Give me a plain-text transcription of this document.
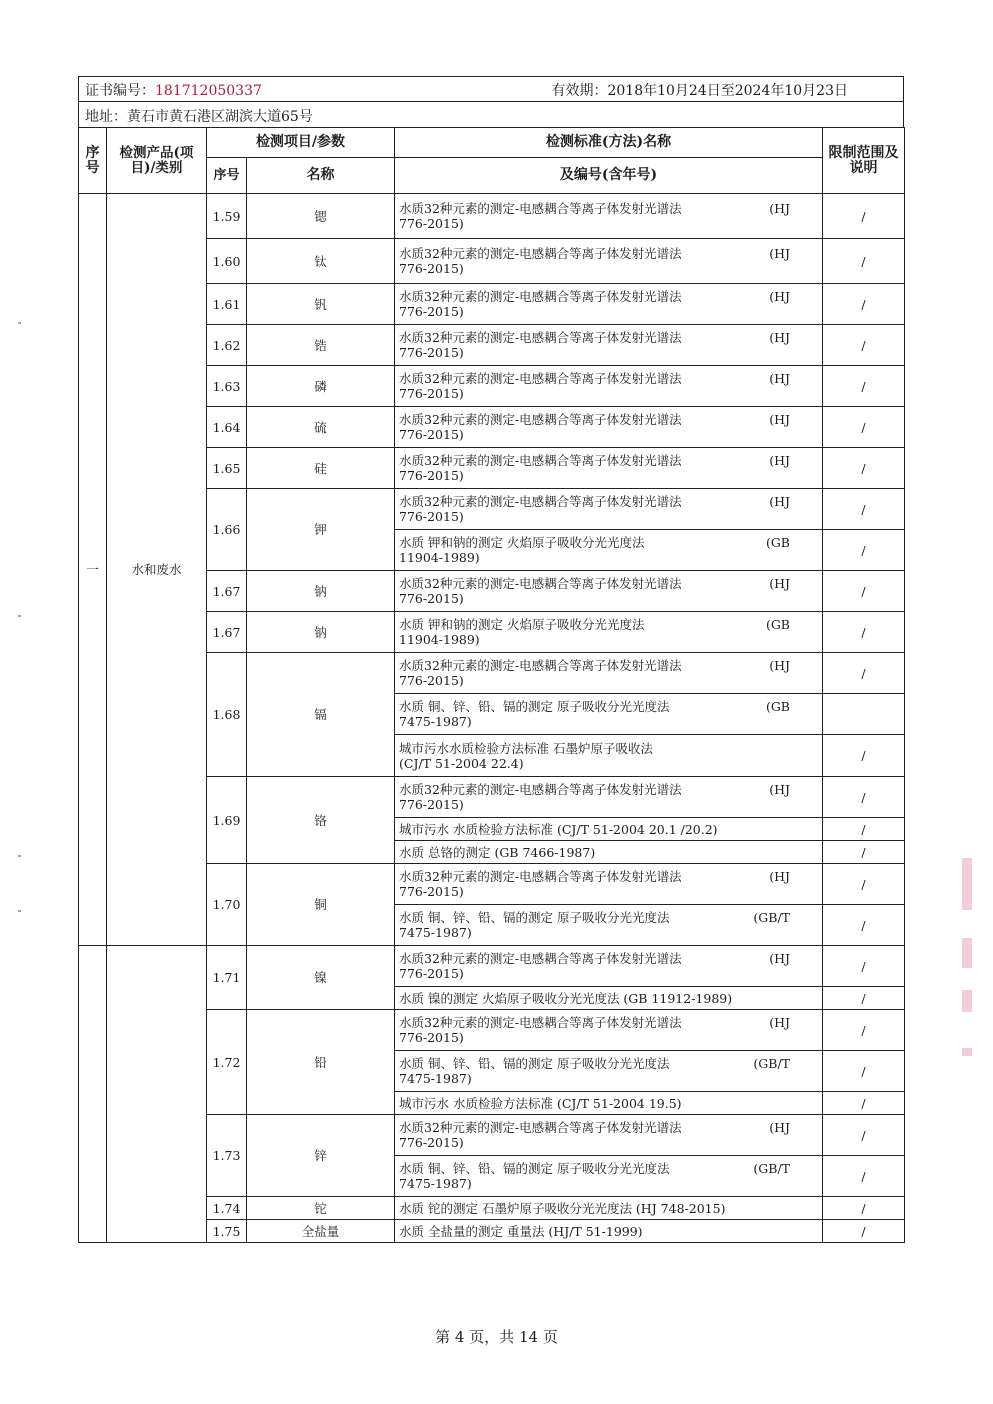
证书编号：181712050337	有效期：2018年10月24日至2024年10月23日
地址：黄石市黄石港区湖滨大道65号
序号	检测产品(项目)/类别	检测项目/参数		检测标准(方法)名称	限制范围及说明
		序号	名称	及编号(含年号)	
一	水和废水	1.59	锶	水质32种元素的测定-电感耦合等离子体发射光谱法 (HJ
776-2015)	/
		1.60	钛	水质32种元素的测定-电感耦合等离子体发射光谱法 (HJ
776-2015)	/
		1.61	钒	水质32种元素的测定-电感耦合等离子体发射光谱法 (HJ
776-2015)	/
		1.62	锆	水质32种元素的测定-电感耦合等离子体发射光谱法 (HJ
776-2015)	/
		1.63	磷	水质32种元素的测定-电感耦合等离子体发射光谱法 (HJ
776-2015)	/
		1.64	硫	水质32种元素的测定-电感耦合等离子体发射光谱法 (HJ
776-2015)	/
		1.65	硅	水质32种元素的测定-电感耦合等离子体发射光谱法 (HJ
776-2015)	/
		1.66	钾	水质32种元素的测定-电感耦合等离子体发射光谱法 (HJ
776-2015)	/

				水质 钾和钠的测定 火焰原子吸收分光光度法 (GB
11904-1989)	/
		1.67	钠	水质32种元素的测定-电感耦合等离子体发射光谱法 (HJ
776-2015)	/
		1.67	钠	水质 钾和钠的测定 火焰原子吸收分光光度法 (GB
11904-1989)	/
		1.68	镉	水质32种元素的测定-电感耦合等离子体发射光谱法 (HJ
776-2015)	/

				水质 铜、锌、铅、镉的测定 原子吸收分光光度法 (GB
7475-1987)	

				城市污水水质检验方法标准 石墨炉原子吸收法
(CJ/T 51-2004 22.4)	/
		1.69	铬	水质32种元素的测定-电感耦合等离子体发射光谱法 (HJ
776-2015)	/

				城市污水 水质检验方法标准 (CJ/T 51-2004 20.1 /20.2)	/

				水质 总铬的测定 (GB 7466-1987)	/
		1.70	铜	水质32种元素的测定-电感耦合等离子体发射光谱法 (HJ
776-2015)	/

				水质 铜、锌、铅、镉的测定 原子吸收分光光度法 (GB/T
7475-1987)	/
		1.71	镍	水质32种元素的测定-电感耦合等离子体发射光谱法 (HJ
776-2015)	/

				水质 镍的测定 火焰原子吸收分光光度法 (GB 11912-1989)	/
		1.72	铅	水质32种元素的测定-电感耦合等离子体发射光谱法 (HJ
776-2015)	/

				水质 铜、锌、铅、镉的测定 原子吸收分光光度法 (GB/T
7475-1987)	/

				城市污水 水质检验方法标准 (CJ/T 51-2004 19.5)	/
		1.73	锌	水质32种元素的测定-电感耦合等离子体发射光谱法 (HJ
776-2015)	/

				水质 铜、锌、铅、镉的测定 原子吸收分光光度法 (GB/T
7475-1987)	/
		1.74	铊	水质 铊的测定 石墨炉原子吸收分光光度法 (HJ 748-2015)	/
		1.75	全盐量	水质 全盐量的测定 重量法 (HJ/T 51-1999)	/
第 4 页，共 14 页
